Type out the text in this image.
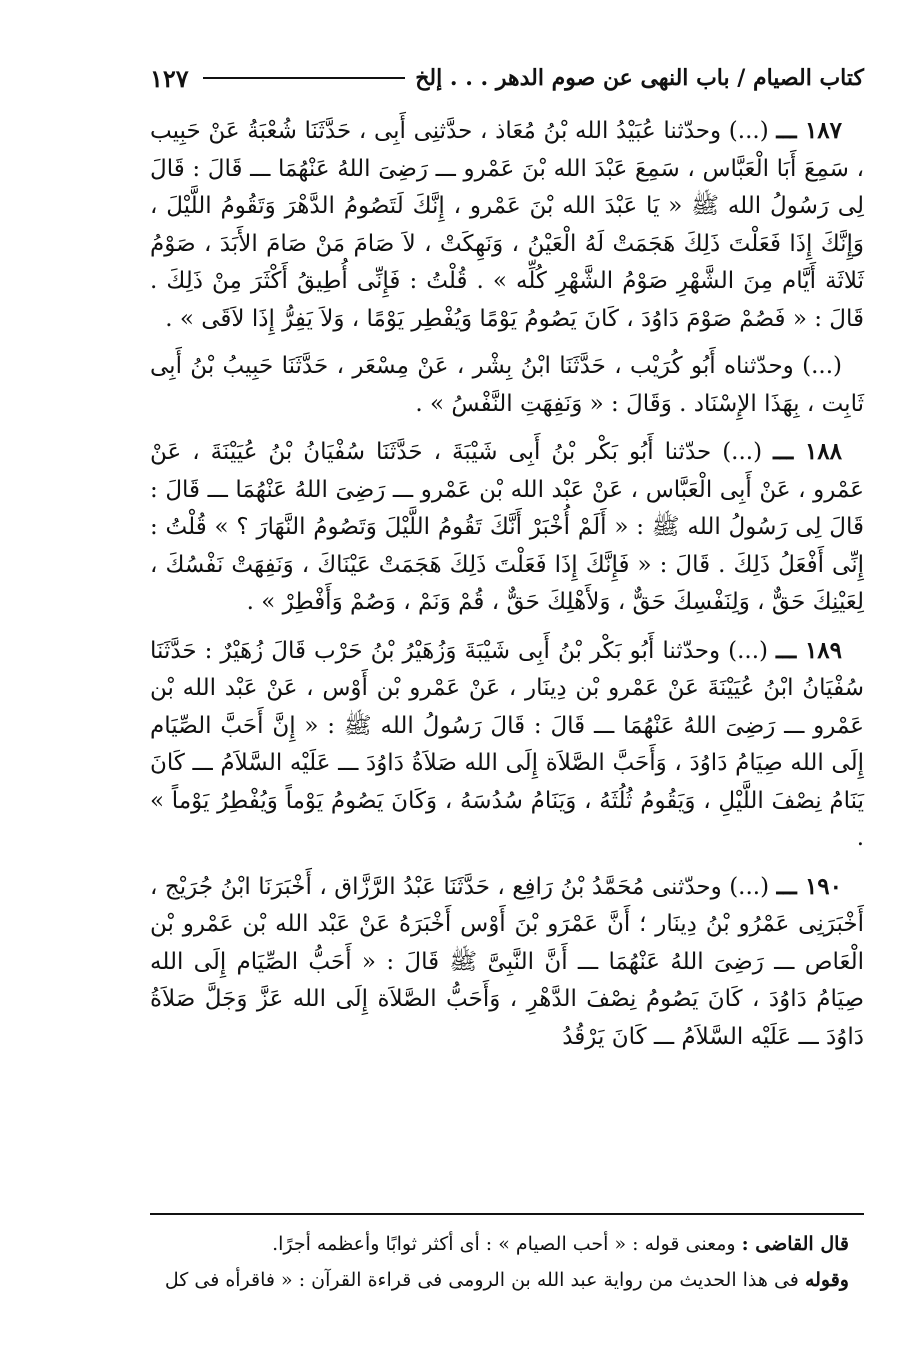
كتاب الصيام / باب النهى عن صوم الدهر . . . إلخ
١٢٧

١٨٧ ـــ (...) وحدّثنا عُبَيْدُ الله بْنُ مُعَاذ ، حدَّثنِى أَبِى ، حَدَّثَنَا شُعْبَةُ عَنْ حَبِيب ، سَمِعَ أَبَا الْعَبَّاس ، سَمِعَ عَبْدَ الله بْنَ عَمْرو ـــ رَضِىَ اللهُ عَنْهُمَا ـــ قَالَ : قَالَ لِى رَسُولُ الله ﷺ « يَا عَبْدَ الله بْنَ عَمْرو ، إِنَّكَ لَتَصُومُ الدَّهْرَ وَتَقُومُ اللَّيْلَ ، وَإِنَّكَ إِذَا فَعَلْتَ ذَلِكَ هَجَمَتْ لَهُ الْعَيْنُ ، وَنَهِكَتْ ، لاَ صَامَ مَنْ صَامَ الأَبَدَ ، صَوْمُ ثَلاثَة أَيَّام مِنَ الشَّهْرِ صَوْمُ الشَّهْرِ كُلِّه » . قُلْتُ : فَإِنِّى أُطِيقُ أَكْثَرَ مِنْ ذَلِكَ . قَالَ : « فَصُمْ صَوْمَ دَاوُدَ ، كَانَ يَصُومُ يَوْمًا وَيُفْطِر يَوْمًا ، وَلاَ يَفِرُّ إِذَا لاَقَى » .

(...) وحدّثناه أَبُو كُرَيْب ، حَدَّثَنَا ابْنُ بِشْر ، عَنْ مِسْعَر ، حَدَّثَنَا حَبِيبُ بْنُ أَبِى ثَابِت ، بِهَذَا الإِسْنَاد . وَقَالَ : « وَنَفِهَتِ النَّفْسُ » .

١٨٨ ـــ (...) حدّثنا أَبُو بَكْر بْنُ أَبِى شَيْبَةَ ، حَدَّثَنَا سُفْيَانُ بْنُ عُيَيْنَةَ ، عَنْ عَمْرو ، عَنْ أَبِى الْعَبَّاس ، عَنْ عَبْد الله بْن عَمْرو ـــ رَضِىَ اللهُ عَنْهُمَا ـــ قَالَ : قَالَ لِى رَسُولُ الله ﷺ : « أَلَمْ أُخْبَرْ أَنَّكَ تَقُومُ اللَّيْلَ وَتَصُومُ النَّهَارَ ؟ » قُلْتُ : إِنِّى أَفْعَلُ ذَلِكَ . قَالَ : « فَإِنَّكَ إِذَا فَعَلْتَ ذَلِكَ هَجَمَتْ عَيْنَاكَ ، وَنَفِهَتْ نَفْسُكَ ، لِعَيْنِكَ حَقٌّ ، وَلِنَفْسِكَ حَقٌّ ، وَلأَهْلِكَ حَقٌّ ، قُمْ وَنَمْ ، وَصُمْ وَأَفْطِرْ » .

١٨٩ ـــ (...) وحدّثنا أَبُو بَكْر بْنُ أَبِى شَيْبَةَ وَزُهَيْرُ بْنُ حَرْب قَالَ زُهَيْرٌ : حَدَّثَنَا سُفْيَانُ ابْنُ عُيَيْنَةَ عَنْ عَمْرو بْن دِينَار ، عَنْ عَمْرو بْن أَوْس ، عَنْ عَبْد الله بْن عَمْرو ـــ رَضِىَ اللهُ عَنْهُمَا ـــ قَالَ : قَالَ رَسُولُ الله ﷺ : « إِنَّ أَحَبَّ الصِّيَام إِلَى الله صِيَامُ دَاوُدَ ، وَأَحَبَّ الصَّلاَة إِلَى الله صَلاَةُ دَاوُدَ ـــ عَلَيْه السَّلاَمُ ـــ كَانَ يَنَامُ نِصْفَ اللَّيْلِ ، وَيَقُومُ ثُلُثَهُ ، وَيَنَامُ سُدُسَهُ ، وَكَانَ يَصُومُ يَوْماً وَيُفْطِرُ يَوْماً » .

١٩٠ ـــ (...) وحدّثنى مُحَمَّدُ بْنُ رَافِع ، حَدَّثَنَا عَبْدُ الرَّزَّاق ، أَخْبَرَنَا ابْنُ جُرَيْج ، أَخْبَرَنِى عَمْرُو بْنُ دِينَار ؛ أَنَّ عَمْرَو بْنَ أَوْس أَخْبَرَهُ عَنْ عَبْد الله بْن عَمْرو بْن الْعَاص ـــ رَضِىَ اللهُ عَنْهُمَا ـــ أَنَّ النَّبِىَّ ﷺ قَالَ : « أَحَبُّ الصِّيَام إِلَى الله صِيَامُ دَاوُدَ ، كَانَ يَصُومُ نِصْفَ الدَّهْرِ ، وَأَحَبُّ الصَّلاَة إِلَى الله عَزَّ وَجَلَّ صَلاَةُ دَاوُدَ ـــ عَلَيْه السَّلاَمُ ـــ كَانَ يَرْقُدُ

قال القاضى : ومعنى قوله : « أحب الصيام » : أى أكثر ثوابًا وأعظمه أجرًا.

وقوله فى هذا الحديث من رواية عبد الله بن الرومى فى قراءة القرآن : « فاقرأه فى كل
